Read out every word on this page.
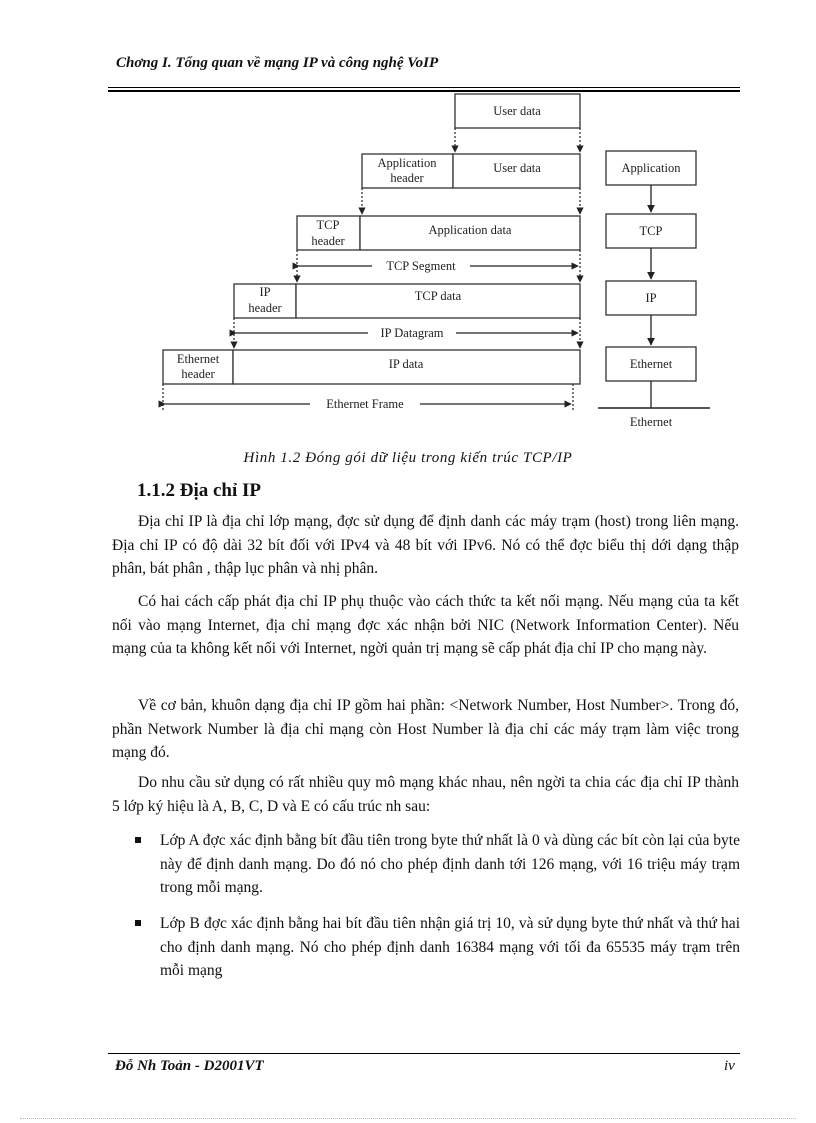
Chơng I. Tổng quan về mạng IP và công nghệ VoIP
User data
Application
header
User data
TCP
header
Application data
TCP Segment
IP
header
TCP data
IP Datagram
Ethernet
header
IP data
Ethernet Frame
Application
TCP
IP
Ethernet
Ethernet
Hình 1.2 Đóng gói dữ liệu trong kiến trúc TCP/IP
1.1.2 Địa chỉ IP
Địa chỉ IP là địa chỉ lớp mạng, đợc sử dụng để định danh các máy trạm (host) trong liên mạng. Địa chỉ IP có độ dài 32 bít đối với IPv4 và 48 bít với IPv6. Nó có thể đợc biểu thị dới dạng thập phân, bát phân , thập lục phân và nhị phân.
Có hai cách cấp phát địa chỉ IP phụ thuộc vào cách thức ta kết nối mạng. Nếu mạng của ta kết nối vào mạng Internet, địa chỉ mạng đợc xác nhận bởi NIC (Network Information Center). Nếu mạng của ta không kết nối với Internet, ngời quản trị mạng sẽ cấp phát địa chỉ IP cho mạng này.
Về cơ bản, khuôn dạng địa chỉ IP gồm hai phần: <Network Number, Host Number>. Trong đó, phần Network Number là địa chỉ mạng còn Host Number là địa chỉ các máy trạm làm việc trong mạng đó.
Do nhu cầu sử dụng có rất nhiều quy mô mạng khác nhau, nên ngời ta chia các địa chỉ IP thành 5 lớp ký hiệu là A, B, C, D và E có cấu trúc nh sau:
Lớp A đợc xác định bằng bít đầu tiên trong byte thứ nhất là 0 và dùng các bít còn lại của byte này để định danh mạng. Do đó nó cho phép định danh tới 126 mạng, với 16 triệu máy trạm trong mỗi mạng.
Lớp B đợc xác định bằng hai bít đầu tiên nhận giá trị 10, và sử dụng byte thứ nhất và thứ hai cho định danh mạng. Nó cho phép định danh 16384 mạng với tối đa 65535 máy trạm trên mỗi mạng
Đỗ Nh Toản - D2001VT	iv
